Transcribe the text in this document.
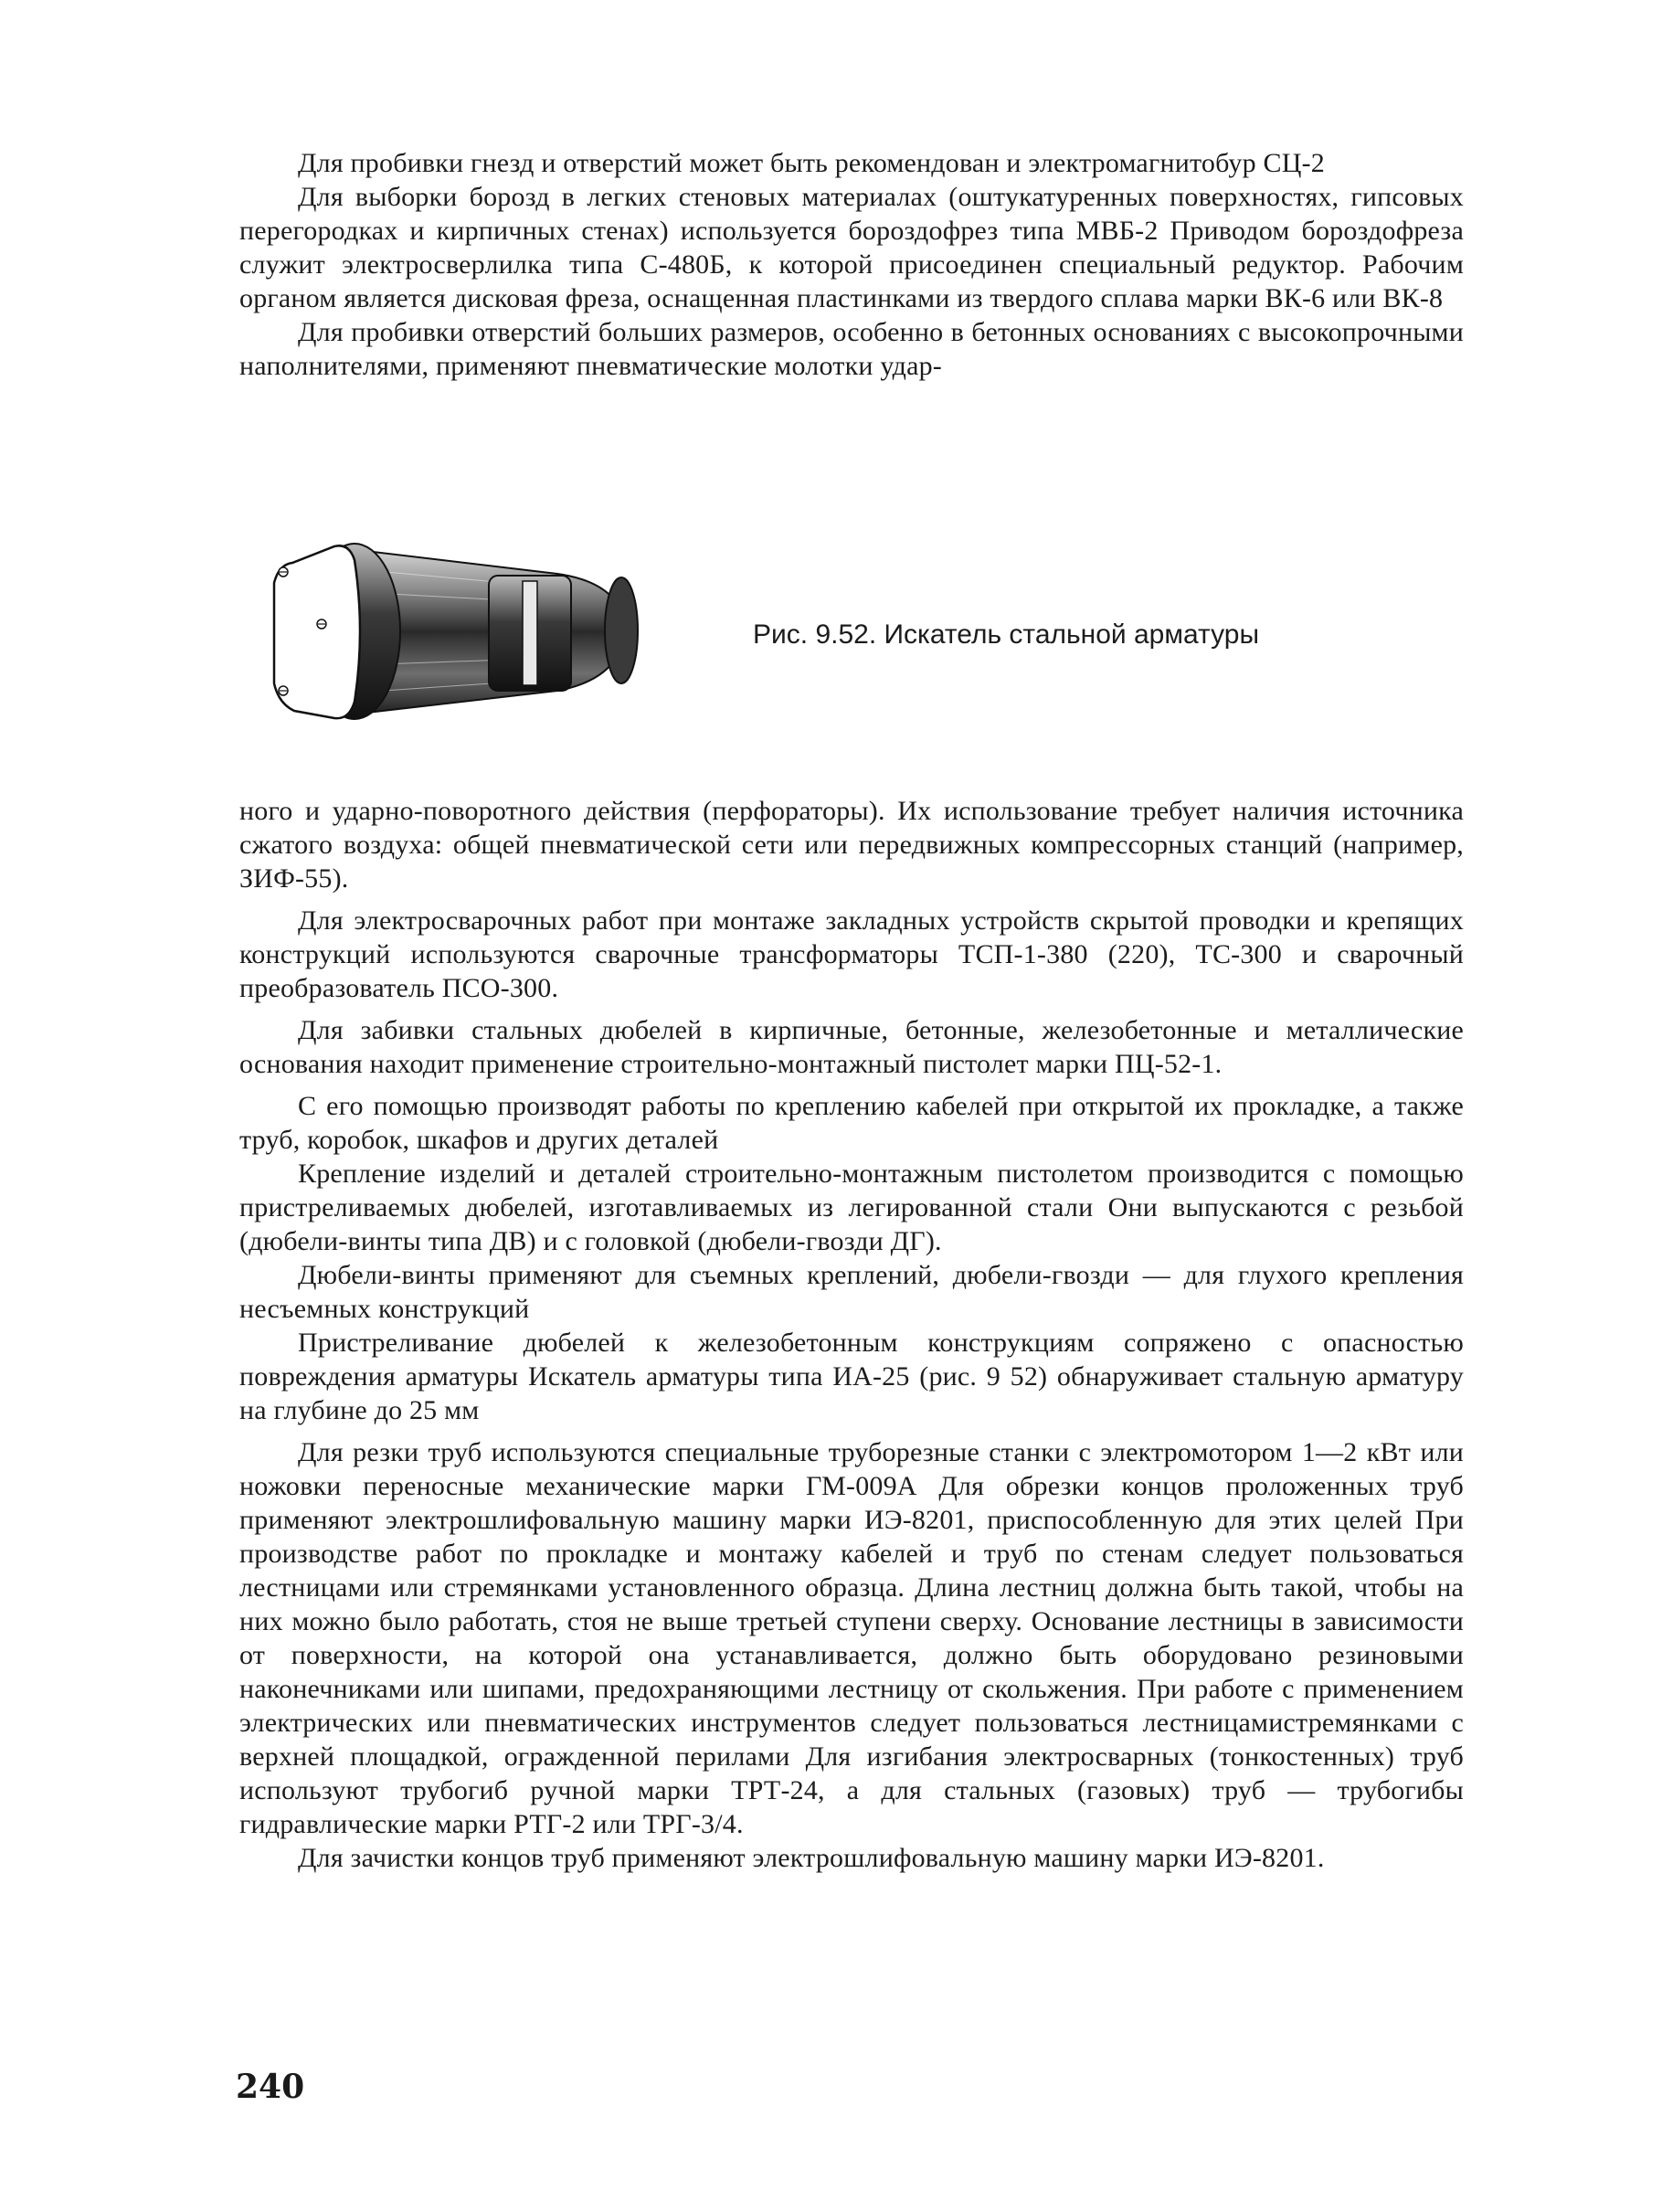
Для пробивки гнезд и отверстий может быть рекомендован и электромагнитобур СЦ-2

Для выборки борозд в легких стеновых материалах (оштукатуренных поверхностях, гипсовых перегородках и кирпичных стенах) используется бороздофрез типа МВБ-2 Приводом бороздофреза служит электросверлилка типа С-480Б, к которой присоединен специальный редуктор. Рабочим органом является дисковая фреза, оснащенная пластинками из твердого сплава марки ВК-6 или ВК-8

Для пробивки отверстий больших размеров, особенно в бетонных основаниях с высокопрочными наполнителями, применяют пневматические молотки удар-

Рис. 9.52. Искатель стальной арматуры

ного и ударно-поворотного действия (перфораторы). Их использование требует наличия источника сжатого воздуха: общей пневматической сети или передвижных компрессорных станций (например, ЗИФ-55).

Для электросварочных работ при монтаже закладных устройств скрытой проводки и крепящих конструкций используются сварочные трансформаторы ТСП-1-380 (220), ТС-300 и сварочный преобразователь ПСО-300.

Для забивки стальных дюбелей в кирпичные, бетонные, железобетонные и металлические основания находит применение строительно-монтажный пистолет марки ПЦ-52-1.

С его помощью производят работы по креплению кабелей при открытой их прокладке, а также труб, коробок, шкафов и других деталей

Крепление изделий и деталей строительно-монтажным пистолетом производится с помощью пристреливаемых дюбелей, изготавливаемых из легированной стали Они выпускаются с резьбой (дюбели-винты типа ДВ) и с головкой (дюбели-гвозди ДГ).

Дюбели-винты применяют для съемных креплений, дюбели-гвозди — для глухого крепления несъемных конструкций

Пристреливание дюбелей к железобетонным конструкциям сопряжено с опасностью повреждения арматуры Искатель арматуры типа ИА-25 (рис. 9 52) обнаруживает стальную арматуру на глубине до 25 мм

Для резки труб используются специальные труборезные станки с электромотором 1—2 кВт или ножовки переносные механические марки ГМ-009А Для обрезки концов проложенных труб применяют электрошлифовальную машину марки ИЭ-8201, приспособленную для этих целей При производстве работ по прокладке и монтажу кабелей и труб по стенам следует пользоваться лестницами или стремянками установленного образца. Длина лестниц должна быть такой, чтобы на них можно было работать, стоя не выше третьей ступени сверху. Основание лестницы в зависимости от поверхности, на которой она устанавливается, должно быть оборудовано резиновыми наконечниками или шипами, предохраняющими лестницу от скольжения. При работе с применением электрических или пневматических инструментов следует пользоваться лестницамистремянками с верхней площадкой, огражденной перилами Для изгибания электросварных (тонкостенных) труб используют трубогиб ручной марки ТРТ-24, а для стальных (газовых) труб — трубогибы гидравлические марки РТГ-2 или ТРГ-3/4.

Для зачистки концов труб применяют электрошлифовальную машину марки ИЭ-8201.

240
